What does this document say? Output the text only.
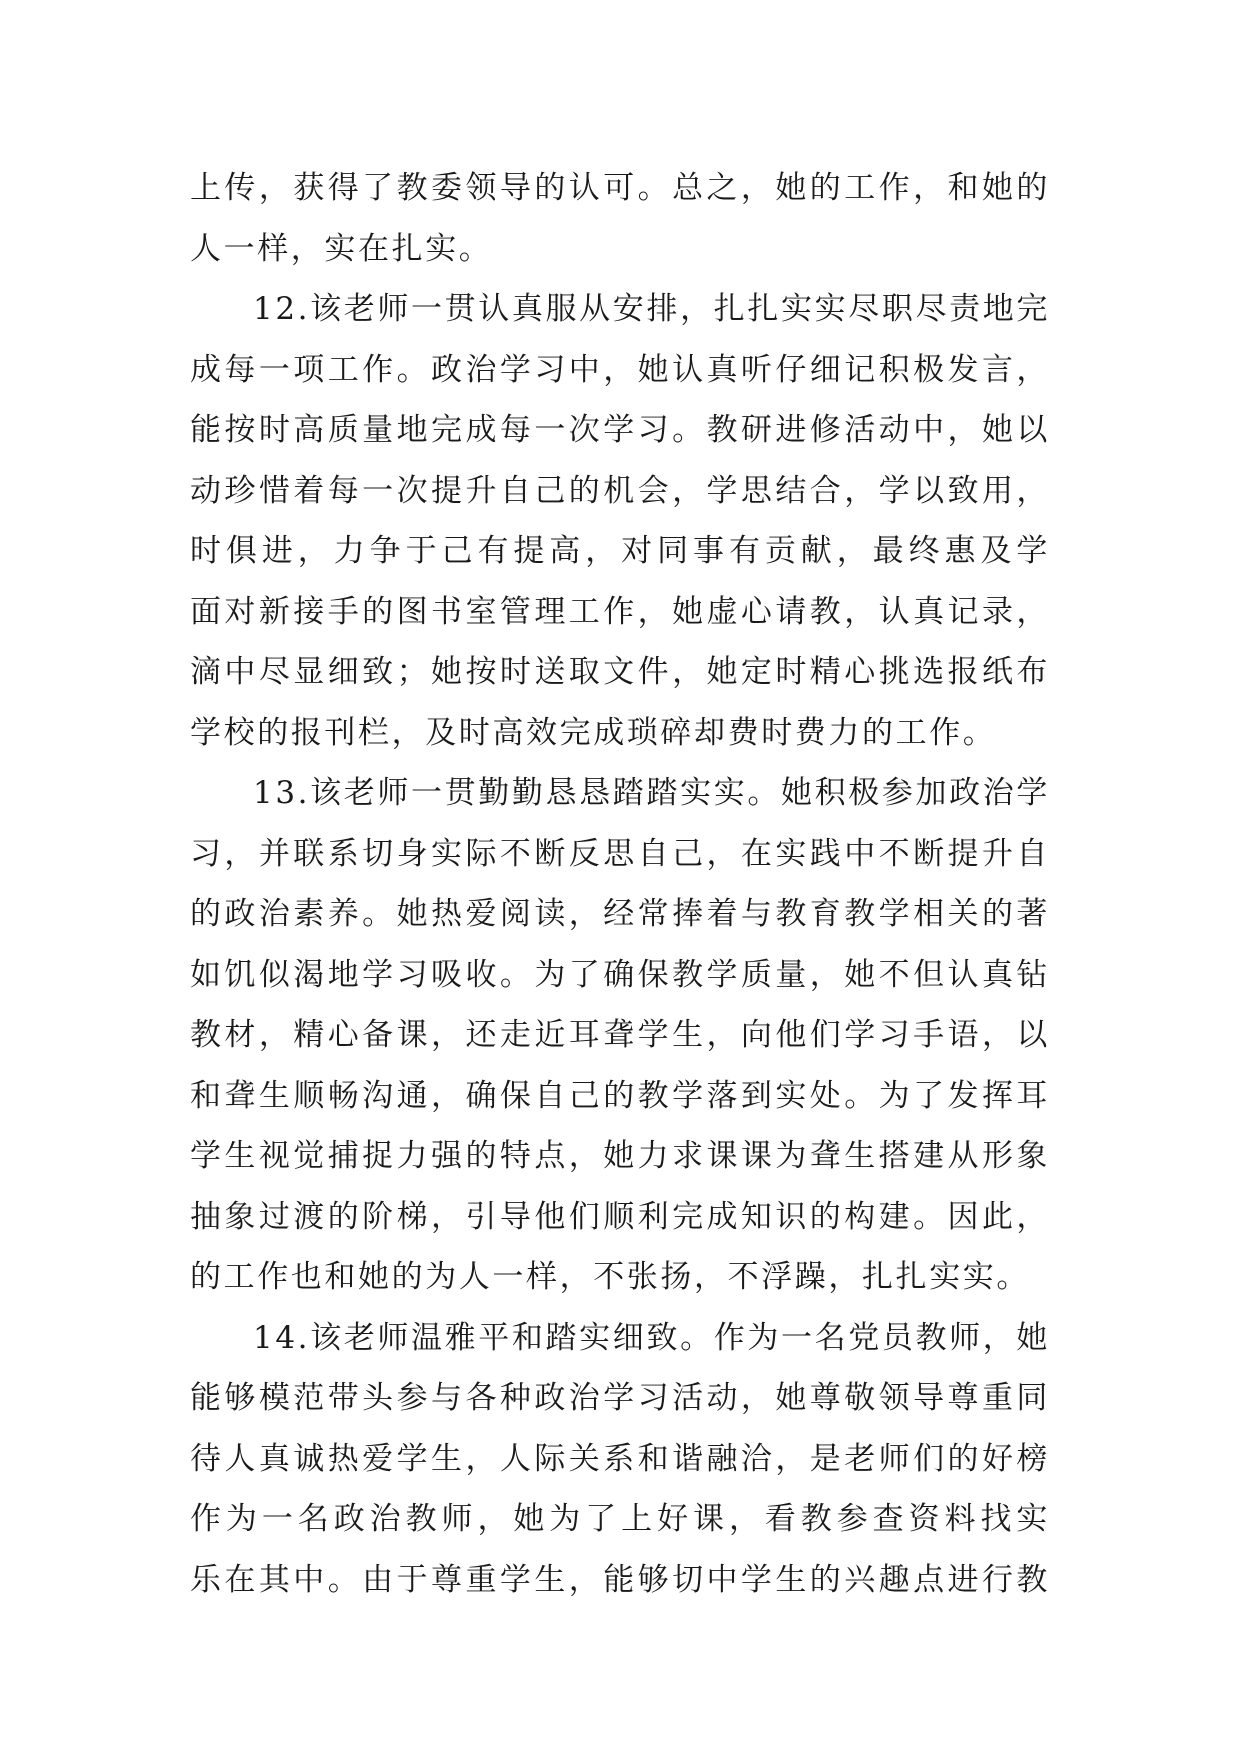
上传，获得了教委领导的认可。总之，她的工作，和她的
人一样，实在扎实。
12.该老师一贯认真服从安排，扎扎实实尽职尽责地完
成每一项工作。政治学习中，她认真听仔细记积极发言，
能按时高质量地完成每一次学习。教研进修活动中，她以
动珍惜着每一次提升自己的机会，学思结合，学以致用，
时俱进，力争于己有提高，对同事有贡献，最终惠及学
面对新接手的图书室管理工作，她虚心请教，认真记录，
滴中尽显细致；她按时送取文件，她定时精心挑选报纸布
学校的报刊栏，及时高效完成琐碎却费时费力的工作。
13.该老师一贯勤勤恳恳踏踏实实。她积极参加政治学
习，并联系切身实际不断反思自己，在实践中不断提升自
的政治素养。她热爱阅读，经常捧着与教育教学相关的著
如饥似渴地学习吸收。为了确保教学质量，她不但认真钻
教材，精心备课，还走近耳聋学生，向他们学习手语，以
和聋生顺畅沟通，确保自己的教学落到实处。为了发挥耳
学生视觉捕捉力强的特点，她力求课课为聋生搭建从形象
抽象过渡的阶梯，引导他们顺利完成知识的构建。因此，
的工作也和她的为人一样，不张扬，不浮躁，扎扎实实。
14.该老师温雅平和踏实细致。作为一名党员教师，她
能够模范带头参与各种政治学习活动，她尊敬领导尊重同
待人真诚热爱学生，人际关系和谐融洽，是老师们的好榜
作为一名政治教师，她为了上好课，看教参查资料找实
乐在其中。由于尊重学生，能够切中学生的兴趣点进行教
